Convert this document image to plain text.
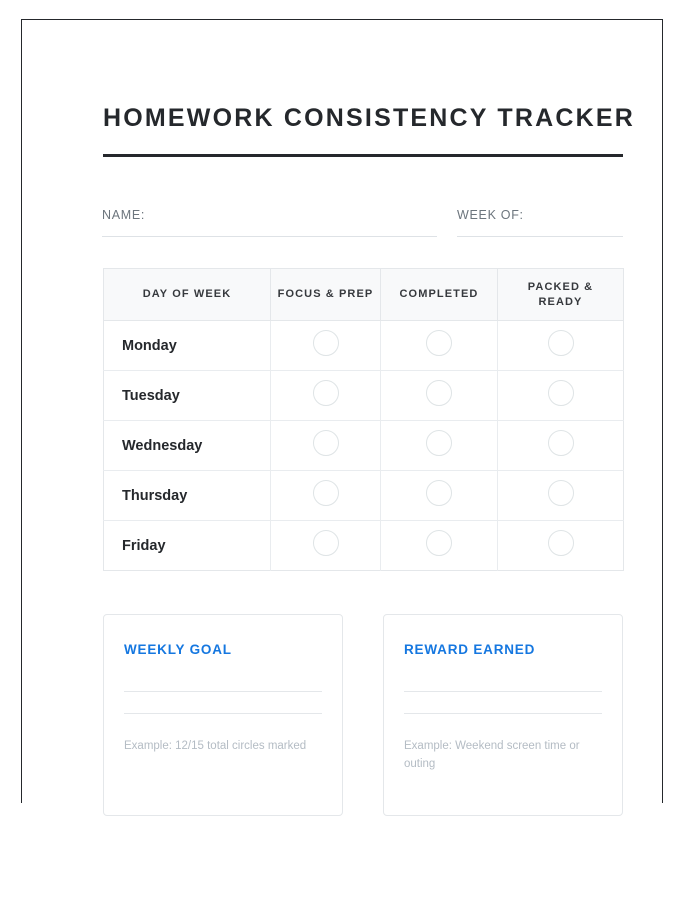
HOMEWORK CONSISTENCY TRACKER
NAME:	WEEK OF:
DAY OF WEEK	FOCUS & PREP	COMPLETED	PACKED & READY
Monday			
Tuesday			
Wednesday			
Thursday			
Friday			
WEEKLY GOAL
Example: 12/15 total circles marked
REWARD EARNED
Example: Weekend screen time or outing
